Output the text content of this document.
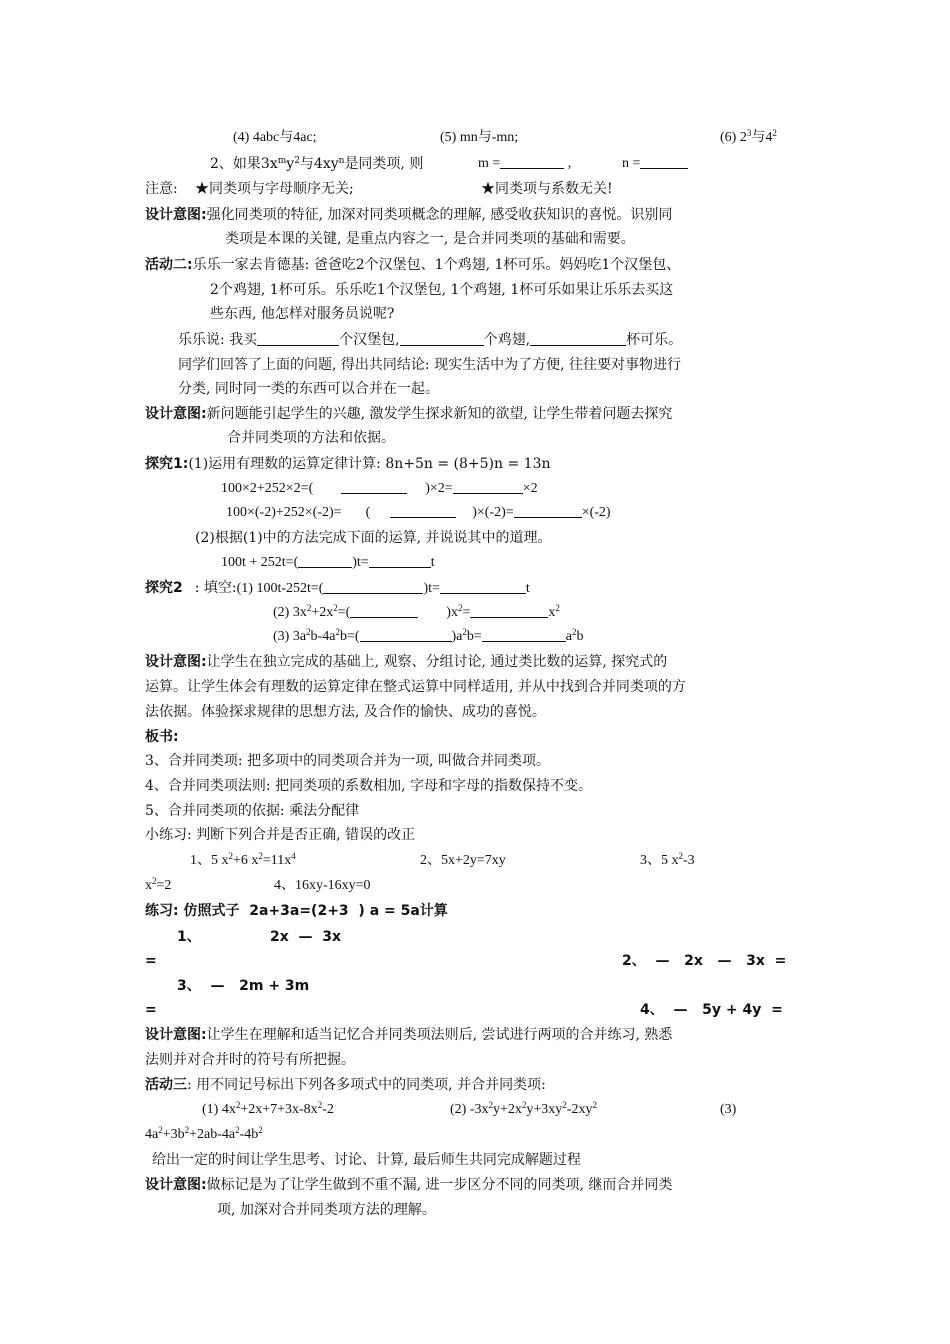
(4) 4abc与4ac;	(5) mn与-mn;	(6) $2^3$与$4^2$
2、如果$3x^my^2$与$4xy^n$是同类项, 则	m =	,	n =
注意: ★同类项与字母顺序无关;	★同类项与系数无关!
设计意图:强化同类项的特征, 加深对同类项概念的理解, 感受收获知识的喜悦。识别同
类项是本课的关键, 是重点内容之一, 是合并同类项的基础和需要。
活动二:乐乐一家去肯德基: 爸爸吃2个汉堡包、1个鸡翅, 1杯可乐。妈妈吃1个汉堡包、
2个鸡翅, 1杯可乐。乐乐吃1个汉堡包, 1个鸡翅, 1杯可乐如果让乐乐去买这
些东西, 他怎样对服务员说呢?
乐乐说: 我买	个汉堡包,	个鸡翅,	杯可乐。
同学们回答了上面的问题, 得出共同结论: 现实生活中为了方便, 往往要对事物进行
分类, 同时同一类的东西可以合并在一起。
设计意图:新问题能引起学生的兴趣, 激发学生探求新知的欲望, 让学生带着问题去探究
合并同类项的方法和依据。
探究1:(1)运用有理数的运算定律计算: 8n+5n = (8+5)n = 13n
100×2+252×2=(	)×2=	×2
100×(-2)+252×(-2)= (	)×(-2)=	×(-2)
(2)根据(1)中的方法完成下面的运算, 并说说其中的道理。
100t + 252t=(	)t=	t
探究2 : 填空:(1) 100t-252t=(	)t=	t
(2) $3x^2+2x^2=$(	)$x^2=$	$x^2$
(3) $3a^2b-4a^2b=$(	)$a^2b=$	$a^2b$
设计意图:让学生在独立完成的基础上, 观察、分组讨论, 通过类比数的运算, 探究式的
运算。让学生体会有理数的运算定律在整式运算中同样适用, 并从中找到合并同类项的方
法依据。体验探求规律的思想方法, 及合作的愉快、成功的喜悦。
板书:
3、合并同类项: 把多项中的同类项合并为一项, 叫做合并同类项。
4、合并同类项法则: 把同类项的系数相加, 字母和字母的指数保持不变。
5、合并同类项的依据: 乘法分配律
小练习: 判断下列合并是否正确, 错误的改正
1、5 $x^2+6$ $x^2=11x^4$	2、5x+2y=7xy	3、5 $x^2-3$
$x^2=2$	4、16xy-16xy=0
练习: 仿照式子  2a+3a=(2+3  ) a = 5a计算
1、	2x  —  3x
=	2、  —   2x   —   3x  =
3、  —   2m + 3m
=	4、  —   5y + 4y  =
设计意图:让学生在理解和适当记忆合并同类项法则后, 尝试进行两项的合并练习, 熟悉
法则并对合并时的符号有所把握。
活动三: 用不同记号标出下列各多项式中的同类项, 并合并同类项:
(1) $4x^2+2x+7+3x-8x^2-2$	(2) $-3x^2y+2x^2y+3xy^2-2xy^2$	(3)
$4a^2+3b^2+2ab-4a^2-4b^2$
给出一定的时间让学生思考、讨论、计算, 最后师生共同完成解题过程
设计意图:做标记是为了让学生做到不重不漏, 进一步区分不同的同类项, 继而合并同类
项, 加深对合并同类项方法的理解。
